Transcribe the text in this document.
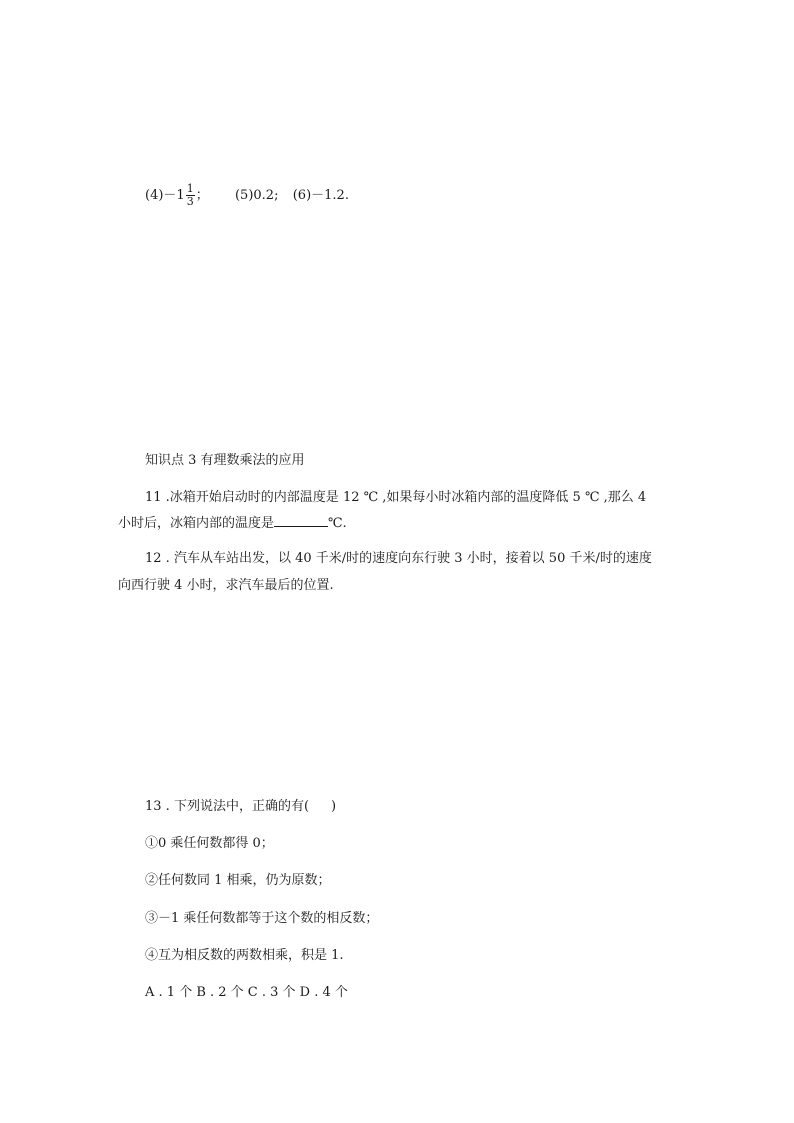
$(4)-1 \frac{1}{3}$ ； (5)0.2; (6)－1.2.
知识点 3 有理数乘法的应用
11 .冰箱开始启动时的内部温度是 12 ℃ ,如果每小时冰箱内部的温度降低 5 ℃ ,那么 4
小时后，冰箱内部的温度是	℃.
12 . 汽车从车站出发，以 40 千米/时的速度向东行驶 3 小时，接着以 50 千米/时的速度
向西行驶 4 小时，求汽车最后的位置.
13 . 下列说法中，正确的有( )
①0 乘任何数都得 0；
②任何数同 1 相乘，仍为原数；
③－1 乘任何数都等于这个数的相反数；
④互为相反数的两数相乘，积是 1.
A . 1 个 B . 2 个 C . 3 个 D . 4 个
